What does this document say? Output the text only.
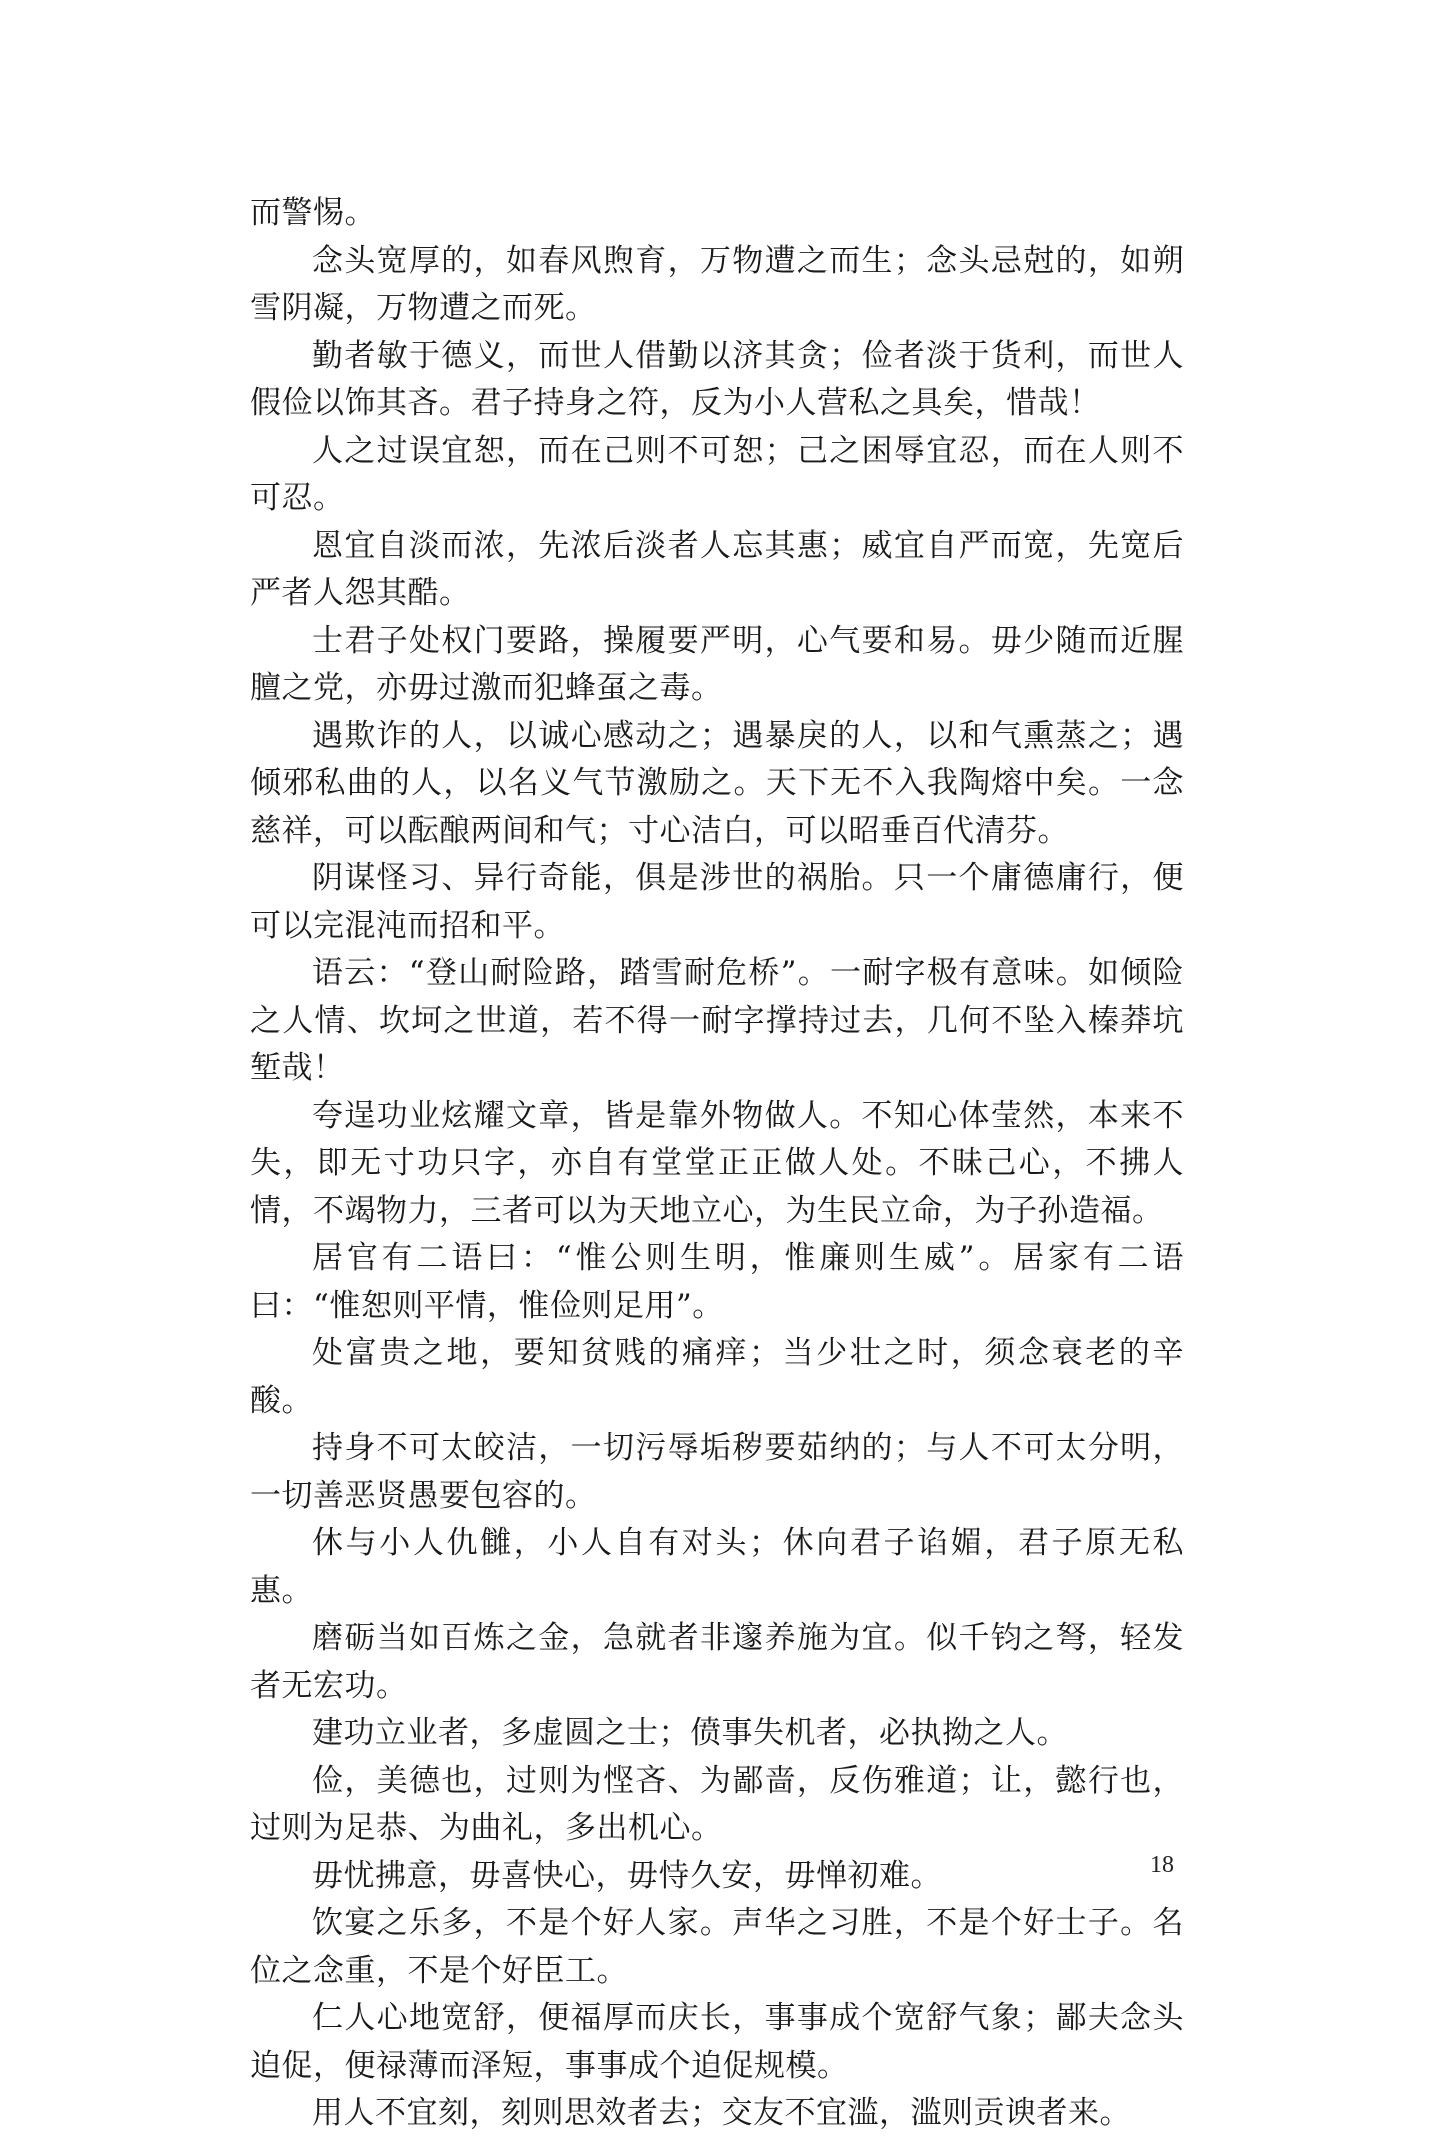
而警惕。

念头宽厚的，如春风煦育，万物遭之而生；念头忌尅的，如朔雪阴凝，万物遭之而死。

勤者敏于德义，而世人借勤以济其贪；俭者淡于货利，而世人假俭以饰其吝。君子持身之符，反为小人营私之具矣，惜哉！

人之过误宜恕，而在己则不可恕；己之困辱宜忍，而在人则不可忍。

恩宜自淡而浓，先浓后淡者人忘其惠；威宜自严而宽，先宽后严者人怨其酷。

士君子处权门要路，操履要严明，心气要和易。毋少随而近腥膻之党，亦毋过激而犯蜂虿之毒。

遇欺诈的人，以诚心感动之；遇暴戾的人，以和气熏蒸之；遇倾邪私曲的人，以名义气节激励之。天下无不入我陶熔中矣。一念慈祥，可以酝酿两间和气；寸心洁白，可以昭垂百代清芬。

阴谋怪习、异行奇能，俱是涉世的祸胎。只一个庸德庸行，便可以完混沌而招和平。

语云：“登山耐险路，踏雪耐危桥”。一耐字极有意味。如倾险之人情、坎坷之世道，若不得一耐字撑持过去，几何不坠入榛莽坑堑哉！

夸逞功业炫耀文章，皆是靠外物做人。不知心体莹然，本来不失，即无寸功只字，亦自有堂堂正正做人处。不昧己心，不拂人情，不竭物力，三者可以为天地立心，为生民立命，为子孙造福。

居官有二语曰：“惟公则生明，惟廉则生威”。居家有二语曰：“惟恕则平情，惟俭则足用”。

处富贵之地，要知贫贱的痛痒；当少壮之时，须念衰老的辛酸。

持身不可太皎洁，一切污辱垢秽要茹纳的；与人不可太分明，一切善恶贤愚要包容的。

休与小人仇雠，小人自有对头；休向君子谄媚，君子原无私惠。

磨砺当如百炼之金，急就者非邃养施为宜。似千钧之弩，轻发者无宏功。

建功立业者，多虚圆之士；偾事失机者，必执拗之人。

俭，美德也，过则为悭吝、为鄙啬，反伤雅道；让，懿行也，过则为足恭、为曲礼，多出机心。

毋忧拂意，毋喜快心，毋恃久安，毋惮初难。

饮宴之乐多，不是个好人家。声华之习胜，不是个好士子。名位之念重，不是个好臣工。

仁人心地宽舒，便福厚而庆长，事事成个宽舒气象；鄙夫念头迫促，便禄薄而泽短，事事成个迫促规模。

用人不宜刻，刻则思效者去；交友不宜滥，滥则贡谀者来。

18
